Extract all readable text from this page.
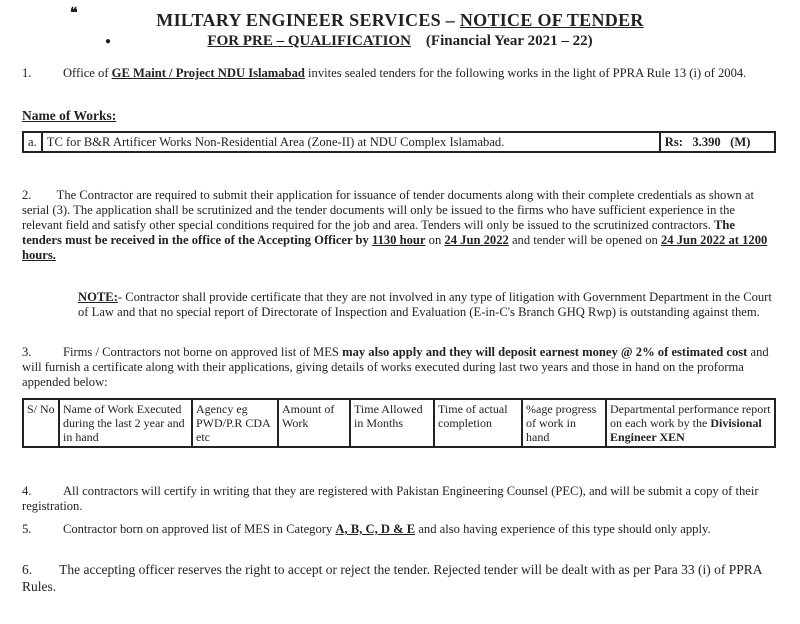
❝
●
MILTARY ENGINEER SERVICES – NOTICE OF TENDER
FOR PRE – QUALIFICATION (Financial Year 2021 – 22)

1. Office of GE Maint / Project NDU Islamabad invites sealed tenders for the following works in the light of PPRA Rule 13 (i) of 2004.

Name of Works:

a.	TC for B&R Artificer Works Non-Residential Area (Zone-II) at NDU Complex Islamabad.	Rs:   3.390   (M)

2. The Contractor are required to submit their application for issuance of tender documents along with their complete credentials as shown at serial (3). The application shall be scrutinized and the tender documents will only be issued to the firms who have sufficient experience in the relevant field and satisfy other special conditions required for the job and area. Tenders will only be issued to the scrutinized contractors. The tenders must be received in the office of the Accepting Officer by 1130 hour on 24 Jun 2022 and tender will be opened on 24 Jun 2022 at 1200 hours.

NOTE:- Contractor shall provide certificate that they are not involved in any type of litigation with Government Department in the Court of Law and that no special report of Directorate of Inspection and Evaluation (E-in-C's Branch GHQ Rwp) is outstanding against them.

3. Firms / Contractors not borne on approved list of MES may also apply and they will deposit earnest money @ 2% of estimated cost and will furnish a certificate along with their applications, giving details of works executed during last two years and those in hand on the proforma appended below:

S/ No	Name of Work Executed during the last 2 year and in hand	Agency eg PWD/P.R CDA etc	Amount of Work	Time Allowed in Months	Time of actual completion	%age progress of work in hand	Departmental performance report on each work by the Divisional Engineer XEN

4. All contractors will certify in writing that they are registered with Pakistan Engineering Counsel (PEC), and will be submit a copy of their registration.

5. Contractor born on approved list of MES in Category A, B, C, D & E and also having experience of this type should only apply.

6. The accepting officer reserves the right to accept or reject the tender. Rejected tender will be dealt with as per Para 33 (i) of PPRA Rules.
